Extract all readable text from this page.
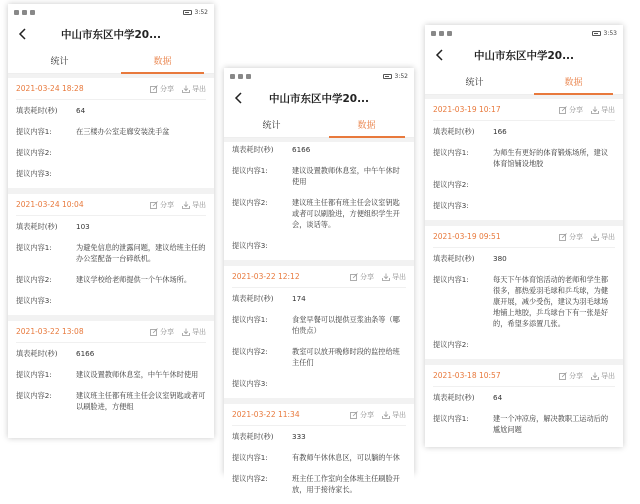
3:52
中山市东区中学20...
统计	数据
2021-03-24 18:28	分享	导出
填表耗时(秒)	64
提议内容1:	在三楼办公室走廊安装洗手盆
提议内容2:
提议内容3:
2021-03-24 10:04	分享	导出
填表耗时(秒)	103
提议内容1:	为避免信息的泄露问题，建议给班主任的办公室配备一台碎纸机。
提议内容2:	建议学校给老师提供一个午休场所。
提议内容3:
2021-03-22 13:08	分享	导出
填表耗时(秒)	6166
提议内容1:	建议设置教师休息室，中午午休时使用
提议内容2:	建议班主任都有班主任会议室钥匙或者可以刷脸进，方便组
3:52
中山市东区中学20...
统计	数据
填表耗时(秒)	6166
提议内容1:	建议设置教师休息室，中午午休时使用
提议内容2:	建议班主任都有班主任会议室钥匙或者可以刷脸进，方便组织学生开会，谈话等。
提议内容3:
2021-03-22 12:12	分享	导出
填表耗时(秒)	174
提议内容1:	食堂早餐可以提供豆浆油条等（哪怕贵点）
提议内容2:	教室可以放开晚修时段的监控给班主任们
提议内容3:
2021-03-22 11:34	分享	导出
填表耗时(秒)	333
提议内容1:	有教师午休休息区，可以躺的午休
提议内容2:	班主任工作室向全体班主任刷脸开放，用于接待家长。
3:53
中山市东区中学20...
统计	数据
2021-03-19 10:17	分享	导出
填表耗时(秒)	166
提议内容1:	为师生有更好的体育锻炼场所，建议体育馆铺设地胶
提议内容2:
提议内容3:
2021-03-19 09:51	分享	导出
填表耗时(秒)	380
提议内容1:	每天下午体育馆活动的老师和学生都很多，都热爱羽毛球和乒乓球，为健康开展，减少受伤，建议为羽毛球场地铺上地胶，乒乓球台下有一张是好的，希望多添置几张。
提议内容2:
2021-03-18 10:57	分享	导出
填表耗时(秒)	64
提议内容1:	建一个冲凉房，解决教职工运动后的尴尬问题
